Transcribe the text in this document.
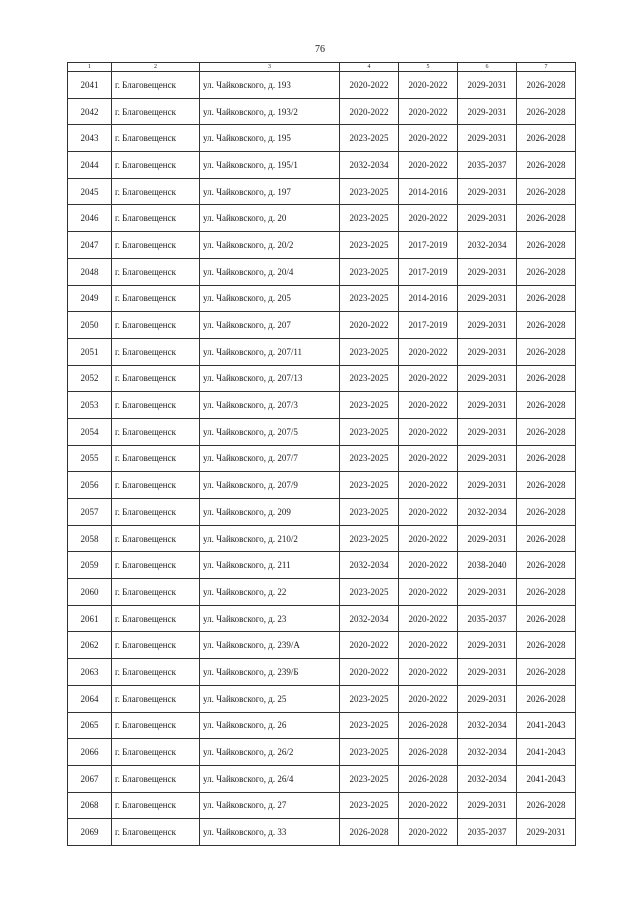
76
1	2	3	4	5	6	7
2041	г. Благовещенск	ул. Чайковского, д. 193	2020-2022	2020-2022	2029-2031	2026-2028
2042	г. Благовещенск	ул. Чайковского, д. 193/2	2020-2022	2020-2022	2029-2031	2026-2028
2043	г. Благовещенск	ул. Чайковского, д. 195	2023-2025	2020-2022	2029-2031	2026-2028
2044	г. Благовещенск	ул. Чайковского, д. 195/1	2032-2034	2020-2022	2035-2037	2026-2028
2045	г. Благовещенск	ул. Чайковского, д. 197	2023-2025	2014-2016	2029-2031	2026-2028
2046	г. Благовещенск	ул. Чайковского, д. 20	2023-2025	2020-2022	2029-2031	2026-2028
2047	г. Благовещенск	ул. Чайковского, д. 20/2	2023-2025	2017-2019	2032-2034	2026-2028
2048	г. Благовещенск	ул. Чайковского, д. 20/4	2023-2025	2017-2019	2029-2031	2026-2028
2049	г. Благовещенск	ул. Чайковского, д. 205	2023-2025	2014-2016	2029-2031	2026-2028
2050	г. Благовещенск	ул. Чайковского, д. 207	2020-2022	2017-2019	2029-2031	2026-2028
2051	г. Благовещенск	ул. Чайковского, д. 207/11	2023-2025	2020-2022	2029-2031	2026-2028
2052	г. Благовещенск	ул. Чайковского, д. 207/13	2023-2025	2020-2022	2029-2031	2026-2028
2053	г. Благовещенск	ул. Чайковского, д. 207/3	2023-2025	2020-2022	2029-2031	2026-2028
2054	г. Благовещенск	ул. Чайковского, д. 207/5	2023-2025	2020-2022	2029-2031	2026-2028
2055	г. Благовещенск	ул. Чайковского, д. 207/7	2023-2025	2020-2022	2029-2031	2026-2028
2056	г. Благовещенск	ул. Чайковского, д. 207/9	2023-2025	2020-2022	2029-2031	2026-2028
2057	г. Благовещенск	ул. Чайковского, д. 209	2023-2025	2020-2022	2032-2034	2026-2028
2058	г. Благовещенск	ул. Чайковского, д. 210/2	2023-2025	2020-2022	2029-2031	2026-2028
2059	г. Благовещенск	ул. Чайковского, д. 211	2032-2034	2020-2022	2038-2040	2026-2028
2060	г. Благовещенск	ул. Чайковского, д. 22	2023-2025	2020-2022	2029-2031	2026-2028
2061	г. Благовещенск	ул. Чайковского, д. 23	2032-2034	2020-2022	2035-2037	2026-2028
2062	г. Благовещенск	ул. Чайковского, д. 239/А	2020-2022	2020-2022	2029-2031	2026-2028
2063	г. Благовещенск	ул. Чайковского, д. 239/Б	2020-2022	2020-2022	2029-2031	2026-2028
2064	г. Благовещенск	ул. Чайковского, д. 25	2023-2025	2020-2022	2029-2031	2026-2028
2065	г. Благовещенск	ул. Чайковского, д. 26	2023-2025	2026-2028	2032-2034	2041-2043
2066	г. Благовещенск	ул. Чайковского, д. 26/2	2023-2025	2026-2028	2032-2034	2041-2043
2067	г. Благовещенск	ул. Чайковского, д. 26/4	2023-2025	2026-2028	2032-2034	2041-2043
2068	г. Благовещенск	ул. Чайковского, д. 27	2023-2025	2020-2022	2029-2031	2026-2028
2069	г. Благовещенск	ул. Чайковского, д. 33	2026-2028	2020-2022	2035-2037	2029-2031
